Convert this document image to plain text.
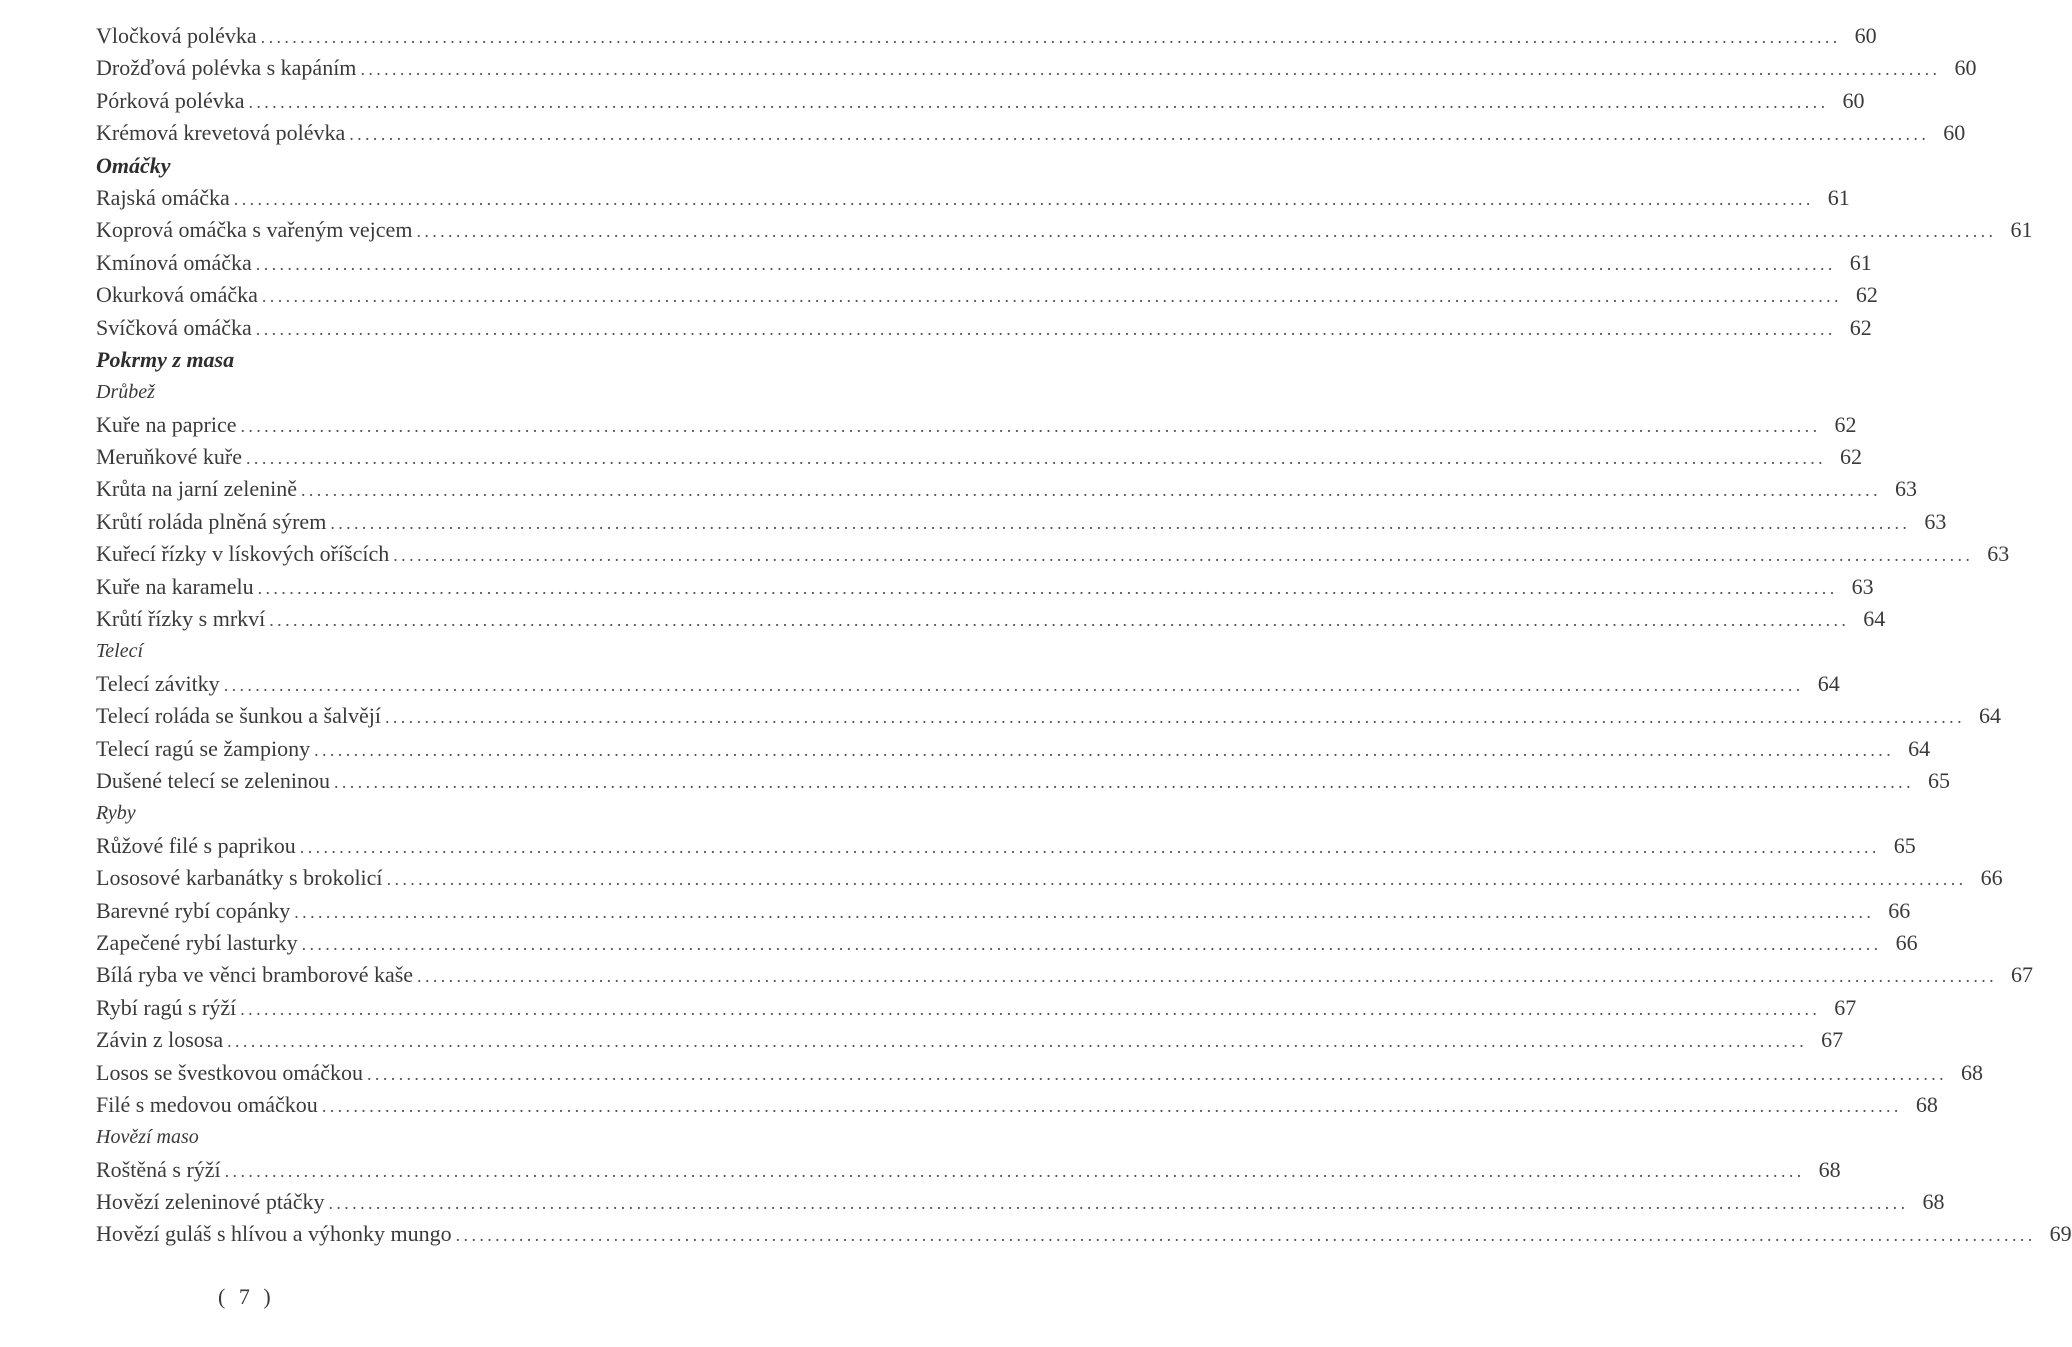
Vločková polévka ........................................................................................................................................................................................................ 60
Drožďová polévka s kapáním ........................................................................................................................................................................................................ 60
Pórková polévka ........................................................................................................................................................................................................ 60
Krémová krevetová polévka ........................................................................................................................................................................................................ 60
Omáčky
Rajská omáčka ........................................................................................................................................................................................................ 61
Koprová omáčka s vařeným vejcem ........................................................................................................................................................................................................ 61
Kmínová omáčka ........................................................................................................................................................................................................ 61
Okurková omáčka ........................................................................................................................................................................................................ 62
Svíčková omáčka ........................................................................................................................................................................................................ 62
Pokrmy z masa
Drůbež
Kuře na paprice ........................................................................................................................................................................................................ 62
Meruňkové kuře ........................................................................................................................................................................................................ 62
Krůta na jarní zelenině ........................................................................................................................................................................................................ 63
Krůtí roláda plněná sýrem ........................................................................................................................................................................................................ 63
Kuřecí řízky v lískových oříšcích ........................................................................................................................................................................................................ 63
Kuře na karamelu ........................................................................................................................................................................................................ 63
Krůtí řízky s mrkví ........................................................................................................................................................................................................ 64
Telecí
Telecí závitky ........................................................................................................................................................................................................ 64
Telecí roláda se šunkou a šalvějí ........................................................................................................................................................................................................ 64
Telecí ragú se žampiony ........................................................................................................................................................................................................ 64
Dušené telecí se zeleninou ........................................................................................................................................................................................................ 65
Ryby
Růžové filé s paprikou ........................................................................................................................................................................................................ 65
Lososové karbanátky s brokolicí ........................................................................................................................................................................................................ 66
Barevné rybí copánky ........................................................................................................................................................................................................ 66
Zapečené rybí lasturky ........................................................................................................................................................................................................ 66
Bílá ryba ve věnci bramborové kaše ........................................................................................................................................................................................................ 67
Rybí ragú s rýží ........................................................................................................................................................................................................ 67
Závin z lososa ........................................................................................................................................................................................................ 67
Losos se švestkovou omáčkou ........................................................................................................................................................................................................ 68
Filé s medovou omáčkou ........................................................................................................................................................................................................ 68
Hovězí maso
Roštěná s rýží ........................................................................................................................................................................................................ 68
Hovězí zeleninové ptáčky ........................................................................................................................................................................................................ 68
Hovězí guláš s hlívou a výhonky mungo ........................................................................................................................................................................................................ 69
( 7 )
